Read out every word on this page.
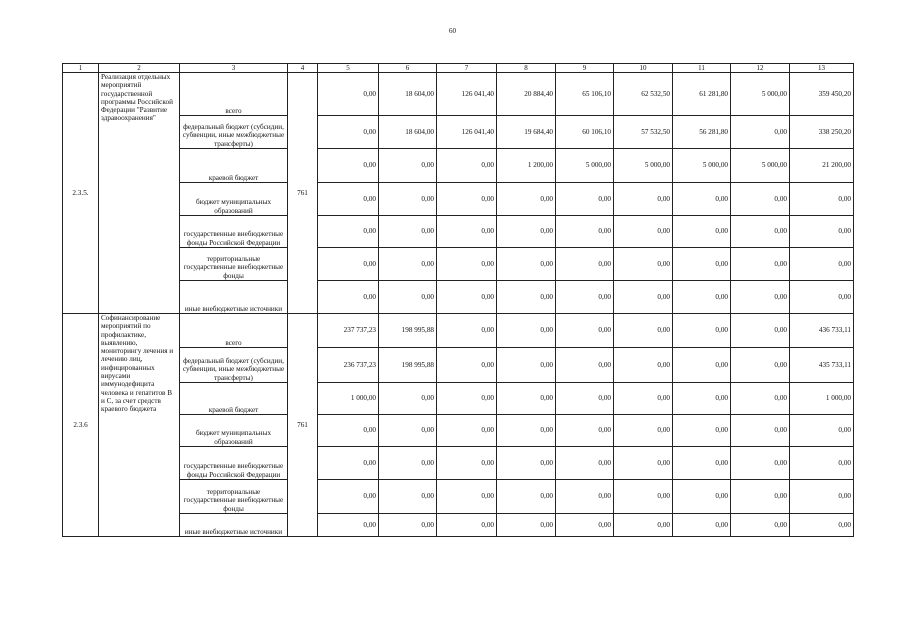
60
1	2	3	4	5	6	7	8	9	10	11	12	13
2.3.5.	Реализация отдельных мероприятий государственной программы Российской Федерации "Развитие здравоохранения"	всего	761	0,00	18 604,00	126 041,40	20 884,40	65 106,10	62 532,50	61 281,80	5 000,00	359 450,20
		федеральный бюджет (субсидии, субвенции, иные межбюджетные трансферты)		0,00	18 604,00	126 041,40	19 684,40	60 106,10	57 532,50	56 281,80	0,00	338 250,20
		краевой бюджет		0,00	0,00	0,00	1 200,00	5 000,00	5 000,00	5 000,00	5 000,00	21 200,00
		бюджет муниципальных образований		0,00	0,00	0,00	0,00	0,00	0,00	0,00	0,00	0,00
		государственные внебюджетные фонды Российской Федерации		0,00	0,00	0,00	0,00	0,00	0,00	0,00	0,00	0,00
		территориальные государственные внебюджетные фонды		0,00	0,00	0,00	0,00	0,00	0,00	0,00	0,00	0,00
		иные внебюджетные источники		0,00	0,00	0,00	0,00	0,00	0,00	0,00	0,00	0,00
2.3.6	Софинансирование мероприятий по профилактике, выявлению, мониторингу лечения и лечению лиц, инфицированных вирусами иммунодефицита человека и гепатитов B и C, за счет средств краевого бюджета	всего	761	237 737,23	198 995,88	0,00	0,00	0,00	0,00	0,00	0,00	436 733,11
		федеральный бюджет (субсидии, субвенции, иные межбюджетные трансферты)		236 737,23	198 995,88	0,00	0,00	0,00	0,00	0,00	0,00	435 733,11
		краевой бюджет		1 000,00	0,00	0,00	0,00	0,00	0,00	0,00	0,00	1 000,00
		бюджет муниципальных образований		0,00	0,00	0,00	0,00	0,00	0,00	0,00	0,00	0,00
		государственные внебюджетные фонды Российской Федерации		0,00	0,00	0,00	0,00	0,00	0,00	0,00	0,00	0,00
		территориальные государственные внебюджетные фонды		0,00	0,00	0,00	0,00	0,00	0,00	0,00	0,00	0,00
		иные внебюджетные источники		0,00	0,00	0,00	0,00	0,00	0,00	0,00	0,00	0,00
